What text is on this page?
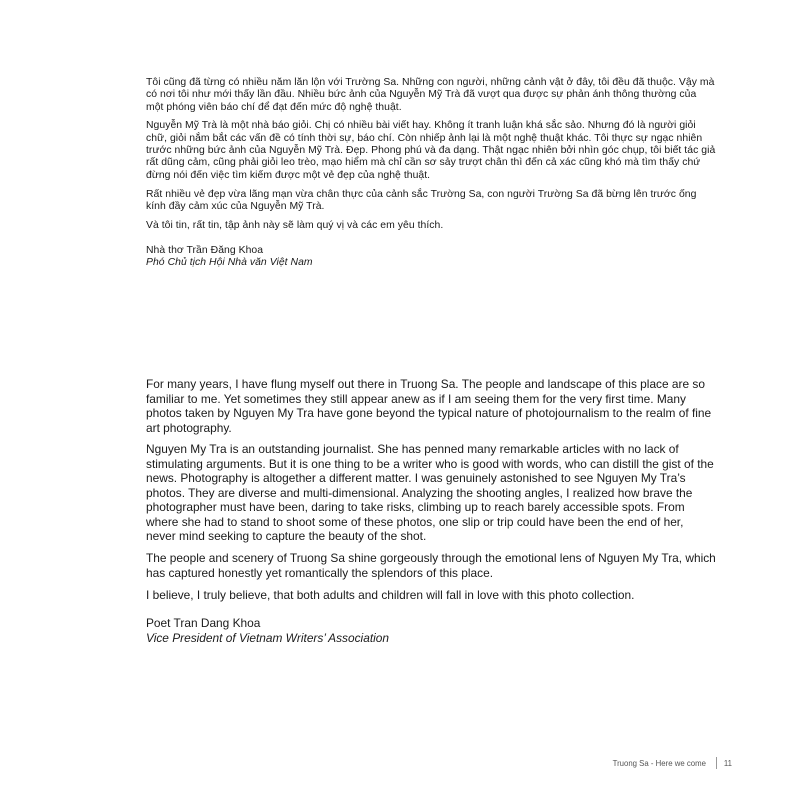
Tôi cũng đã từng có nhiều năm lăn lộn với Trường Sa. Những con người, những cảnh vật ở đây, tôi đều đã thuộc. Vậy mà có nơi tôi như mới thấy lần đầu. Nhiều bức ảnh của Nguyễn Mỹ Trà đã vượt qua được sự phản ánh thông thường của một phóng viên báo chí để đạt đến mức độ nghệ thuật.

Nguyễn Mỹ Trà là một nhà báo giỏi. Chị có nhiều bài viết hay. Không ít tranh luận khá sắc sảo. Nhưng đó là người giỏi chữ, giỏi nắm bắt các vấn đề có tính thời sự, báo chí. Còn nhiếp ảnh lại là một nghệ thuật khác. Tôi thực sự ngạc nhiên trước những bức ảnh của Nguyễn Mỹ Trà. Đẹp. Phong phú và đa dạng. Thật ngạc nhiên bởi nhìn góc chụp, tôi biết tác giả rất dũng cảm, cũng phải giỏi leo trèo, mạo hiểm mà chỉ cần sơ sảy trượt chân thì đến cả xác cũng khó mà tìm thấy chứ đừng nói đến việc tìm kiếm được một vẻ đẹp của nghệ thuật.

Rất nhiều vẻ đẹp vừa lãng mạn vừa chân thực của cảnh sắc Trường Sa, con người Trường Sa đã bừng lên trước ống kính đầy cảm xúc của Nguyễn Mỹ Trà.

Và tôi tin, rất tin, tập ảnh này sẽ làm quý vị và các em yêu thích.

Nhà thơ Trần Đăng Khoa
Phó Chủ tịch Hội Nhà văn Việt Nam

For many years, I have flung myself out there in Truong Sa. The people and landscape of this place are so familiar to me. Yet sometimes they still appear anew as if I am seeing them for the very first time. Many photos taken by Nguyen My Tra have gone beyond the typical nature of photojournalism to the realm of fine art photography.

Nguyen My Tra is an outstanding journalist. She has penned many remarkable articles with no lack of stimulating arguments. But it is one thing to be a writer who is good with words, who can distill the gist of the news. Photography is altogether a different matter. I was genuinely astonished to see Nguyen My Tra’s photos. They are diverse and multi-dimensional. Analyzing the shooting angles, I realized how brave the photographer must have been, daring to take risks, climbing up to reach barely accessible spots. From where she had to stand to shoot some of these photos, one slip or trip could have been the end of her, never mind seeking to capture the beauty of the shot.

The people and scenery of Truong Sa shine gorgeously through the emotional lens of Nguyen My Tra, which has captured honestly yet romantically the splendors of this place.

I believe, I truly believe, that both adults and children will fall in love with this photo collection.

Poet Tran Dang Khoa
Vice President of Vietnam Writers’ Association
Truong Sa - Here we come 11
